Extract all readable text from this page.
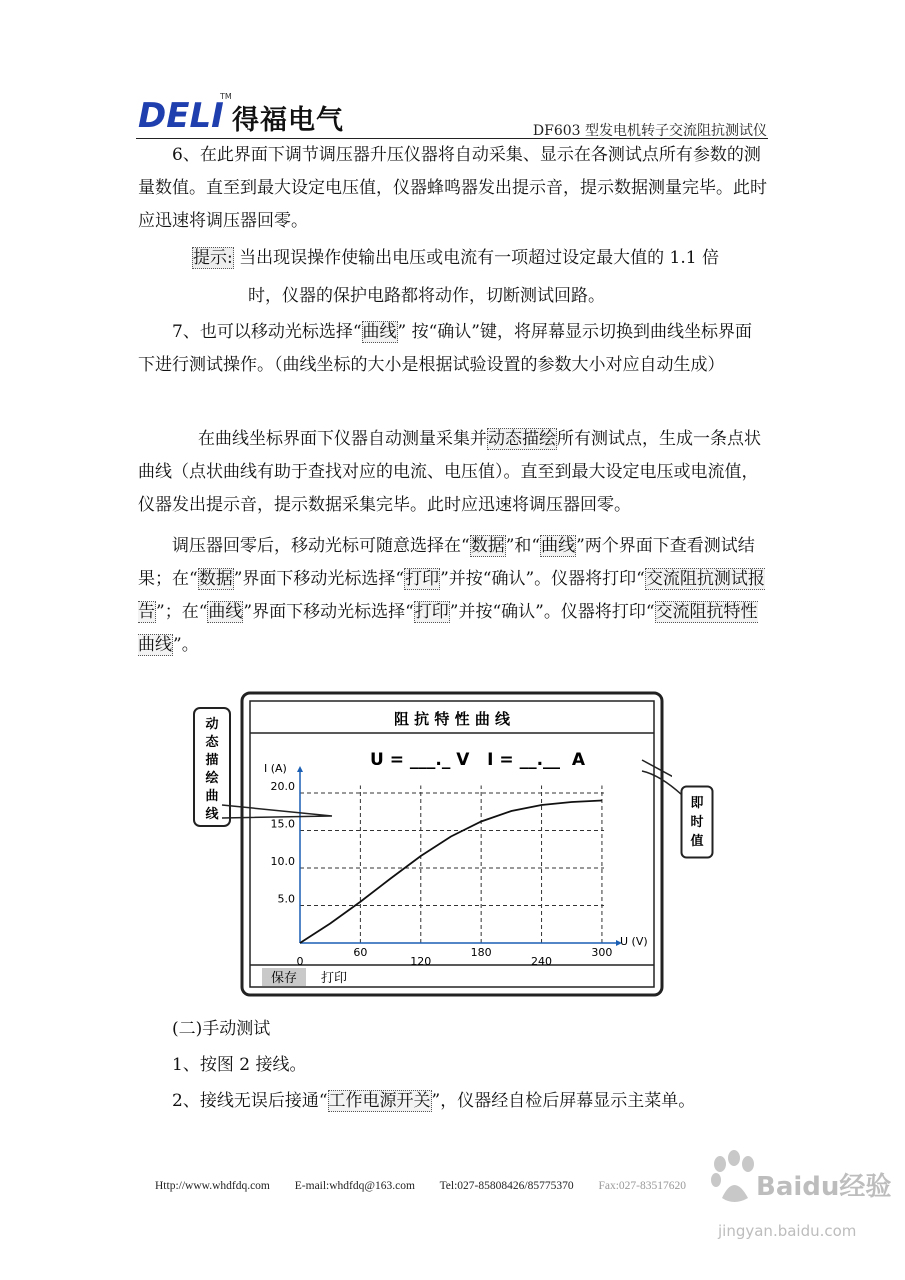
DELI
TM
得福电气	DF603 型发电机转子交流阻抗测试仪

6、在此界面下调节调压器升压仪器将自动采集、显示在各测试点所有参数的测量数值。直至到最大设定电压值，仪器蜂鸣器发出提示音，提示数据测量完毕。此时应迅速将调压器回零。

提示: 当出现误操作使输出电压或电流有一项超过设定最大值的 1.1 倍
时，仪器的保护电路都将动作，切断测试回路。

7、也可以移动光标选择“曲线” 按“确认”键，将屏幕显示切换到曲线坐标界面下进行测试操作。（曲线坐标的大小是根据试验设置的参数大小对应自动生成）

在曲线坐标界面下仪器自动测量采集并动态描绘所有测试点，生成一条点状曲线（点状曲线有助于查找对应的电流、电压值）。直至到最大设定电压或电流值，仪器发出提示音，提示数据采集完毕。此时应迅速将调压器回零。

调压器回零后，移动光标可随意选择在“数据”和“曲线”两个界面下查看测试结果；在“数据”界面下移动光标选择“打印”并按“确认”。仪器将打印“交流阻抗测试报告”；在“曲线”界面下移动光标选择“打印”并按“确认”。仪器将打印“交流阻抗特性曲线”。

阻 抗 特 性 曲 线
U = ___._ V   I = __.__  A
保存 打印
0
60
120
180
240
300
5.0
10.0
15.0
20.0
I (A)
U (V)
动
态
描
绘
曲
线
即
时
值
(二)手动测试
1、按图 2 接线。
2、接线无误后接通“工作电源开关”，仪器经自检后屏幕显示主菜单。
Http://www.whdfdq.com E-mail:whdfdq@163.com Tel:027-85808426/85775370 Fax:027-83517620	Baidu经验
jingyan.baidu.com
